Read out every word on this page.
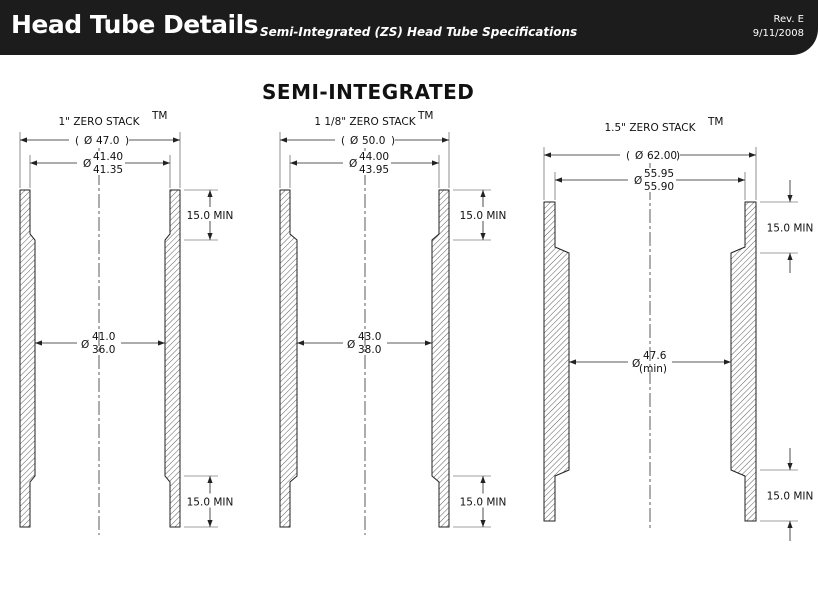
Head Tube Details Semi-Integrated (ZS) Head Tube Specifications
Rev. E
9/11/2008
SEMI-INTEGRATED
1" ZERO STACK TM
( Ø 47.0 )
Ø
41.40
41.35
Ø
41.0
36.0
15.0 MIN
15.0 MIN
1 1/8" ZERO STACK TM
( Ø 50.0 )
Ø
44.00
43.95
Ø
43.0
38.0
15.0 MIN
15.0 MIN
1.5" ZERO STACK TM
( Ø 62.00
)
Ø
55.95
55.90
Ø
47.6
(min)
15.0 MIN
15.0 MIN
